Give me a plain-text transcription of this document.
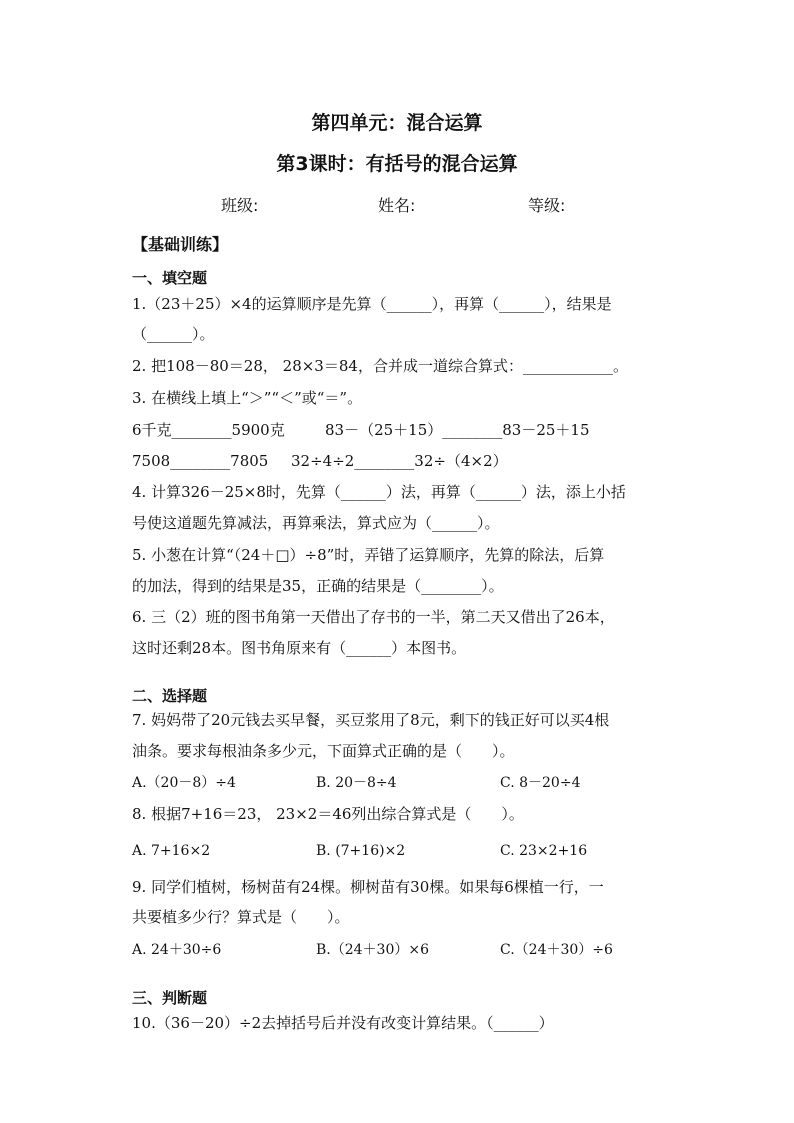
第四单元：混合运算
第3课时：有括号的混合运算
班级:	姓名:	等级:
【基础训练】
一、填空题
1.（23＋25）×4的运算顺序是先算（______），再算（______），结果是
（______）。
2. 把108－80＝28， 28×3＝84，合并成一道综合算式：____________。
3. 在横线上填上“＞”“＜”或“＝”。
6千克________5900克	83－（25＋15）________83－25＋15
7508________7805 32÷4÷2________32÷（4×2）
4. 计算326－25×8时，先算（______）法，再算（______）法，添上小括
号使这道题先算减法，再算乘法，算式应为（______）。
5. 小葱在计算“（24＋□）÷8”时，弄错了运算顺序，先算的除法，后算
的加法，得到的结果是35，正确的结果是（________）。
6. 三（2）班的图书角第一天借出了存书的一半，第二天又借出了26本，
这时还剩28本。图书角原来有（______）本图书。
二、选择题
7. 妈妈带了20元钱去买早餐，买豆浆用了8元，剩下的钱正好可以买4根
油条。要求每根油条多少元，下面算式正确的是（　　）。
A.（20－8）÷4	B. 20－8÷4	C. 8－20÷4
8. 根据7+16＝23， 23×2＝46列出综合算式是（　　）。
A. 7+16×2	B. (7+16)×2	C. 23×2+16
9. 同学们植树，杨树苗有24棵。柳树苗有30棵。如果每6棵植一行，一
共要植多少行？算式是（　　）。
A. 24＋30÷6	B.（24＋30）×6	C.（24＋30）÷6
三、判断题
10.（36－20）÷2去掉括号后并没有改变计算结果。（______）
